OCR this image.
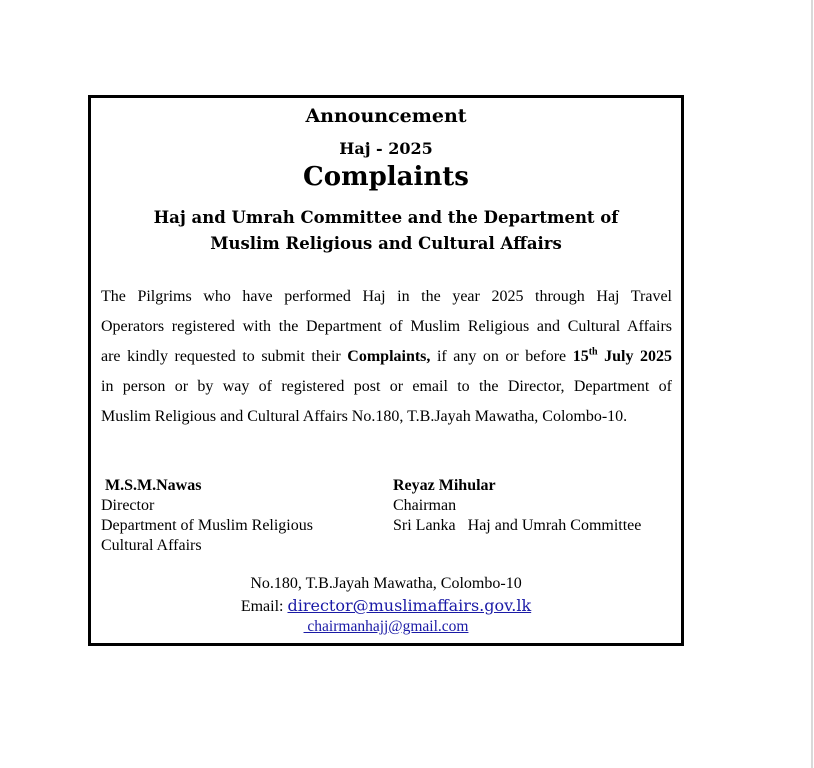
Announcement
Haj - 2025
Complaints
Haj and Umrah Committee and the Department of
Muslim Religious and Cultural Affairs
The Pilgrims who have performed Haj in the year 2025 through Haj Travel
Operators registered with the Department of Muslim Religious and Cultural Affairs
are kindly requested to submit their Complaints, if any on or before 15th July 2025
in person or by way of registered post or email to the Director, Department of
Muslim Religious and Cultural Affairs No.180, T.B.Jayah Mawatha, Colombo-10.
M.S.M.Nawas
Director
Department of Muslim Religious
Cultural Affairs
Reyaz Mihular
Chairman
Sri Lanka   Haj and Umrah Committee
No.180, T.B.Jayah Mawatha, Colombo-10
Email: director@muslimaffairs.gov.lk
chairmanhajj@gmail.com
